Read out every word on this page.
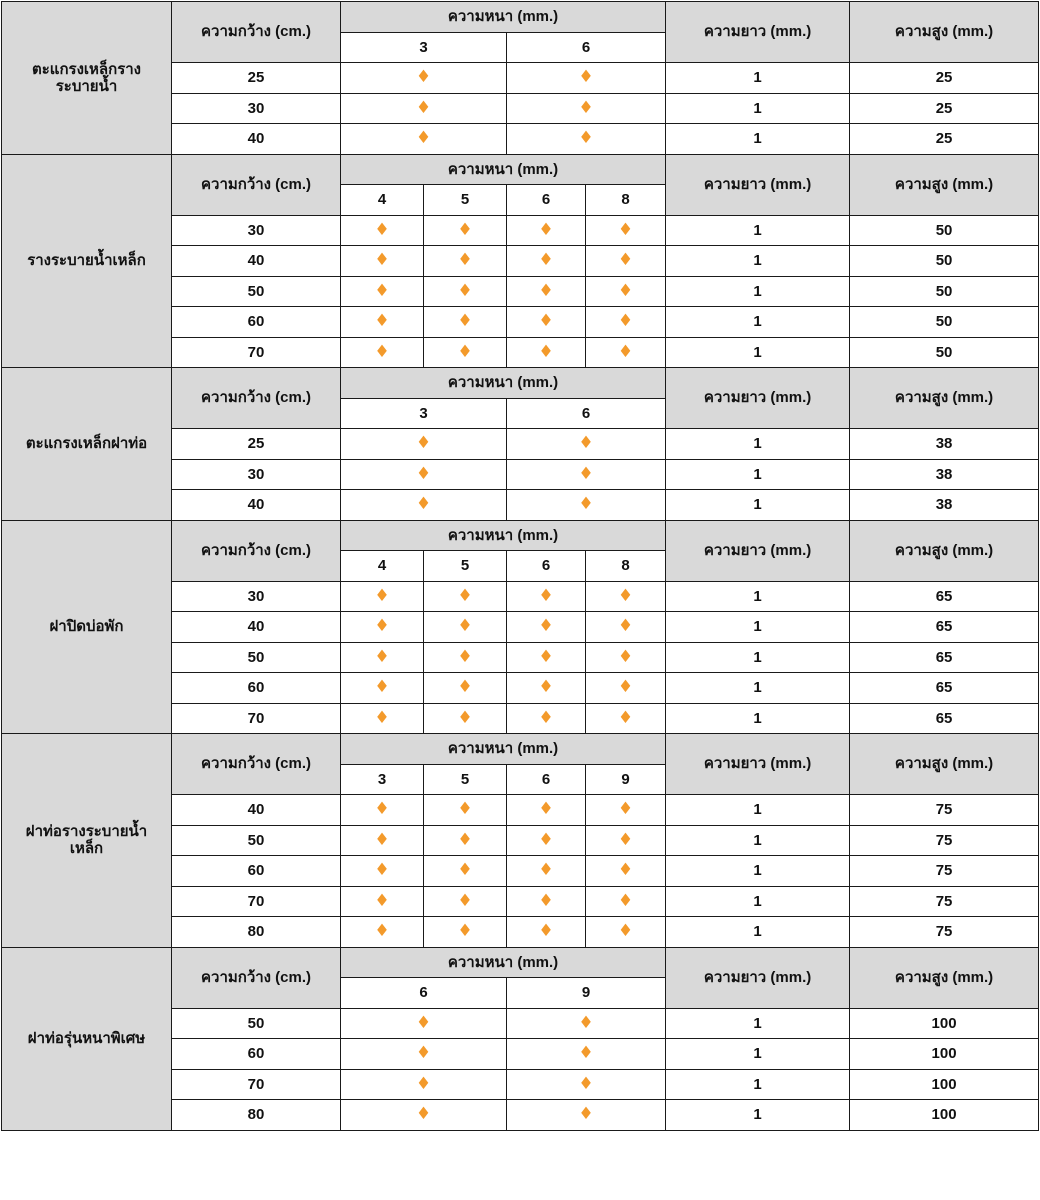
ตะแกรงเหล็กราง ระบายน้ำ	ความกว้าง (cm.)	ความหนา (mm.)				ความยาว (mm.)	ความสูง (mm.)
		3		6			
	25	♦		♦		1	25
	30	♦		♦		1	25
	40	♦		♦		1	25
รางระบายน้ำเหล็ก	ความกว้าง (cm.)	ความหนา (mm.)				ความยาว (mm.)	ความสูง (mm.)
		4	5	6	8		
	30	♦	♦	♦	♦	1	50
	40	♦	♦	♦	♦	1	50
	50	♦	♦	♦	♦	1	50
	60	♦	♦	♦	♦	1	50
	70	♦	♦	♦	♦	1	50
ตะแกรงเหล็กฝาท่อ	ความกว้าง (cm.)	ความหนา (mm.)				ความยาว (mm.)	ความสูง (mm.)
		3		6			
	25	♦		♦		1	38
	30	♦		♦		1	38
	40	♦		♦		1	38
ฝาปิดบ่อพัก	ความกว้าง (cm.)	ความหนา (mm.)				ความยาว (mm.)	ความสูง (mm.)
		4	5	6	8		
	30	♦	♦	♦	♦	1	65
	40	♦	♦	♦	♦	1	65
	50	♦	♦	♦	♦	1	65
	60	♦	♦	♦	♦	1	65
	70	♦	♦	♦	♦	1	65
ฝาท่อรางระบายน้ำ เหล็ก	ความกว้าง (cm.)	ความหนา (mm.)				ความยาว (mm.)	ความสูง (mm.)
		3	5	6	9		
	40	♦	♦	♦	♦	1	75
	50	♦	♦	♦	♦	1	75
	60	♦	♦	♦	♦	1	75
	70	♦	♦	♦	♦	1	75
	80	♦	♦	♦	♦	1	75
ฝาท่อรุ่นหนาพิเศษ	ความกว้าง (cm.)	ความหนา (mm.)				ความยาว (mm.)	ความสูง (mm.)
		6		9			
	50	♦		♦		1	100
	60	♦		♦		1	100
	70	♦		♦		1	100
	80	♦		♦		1	100
